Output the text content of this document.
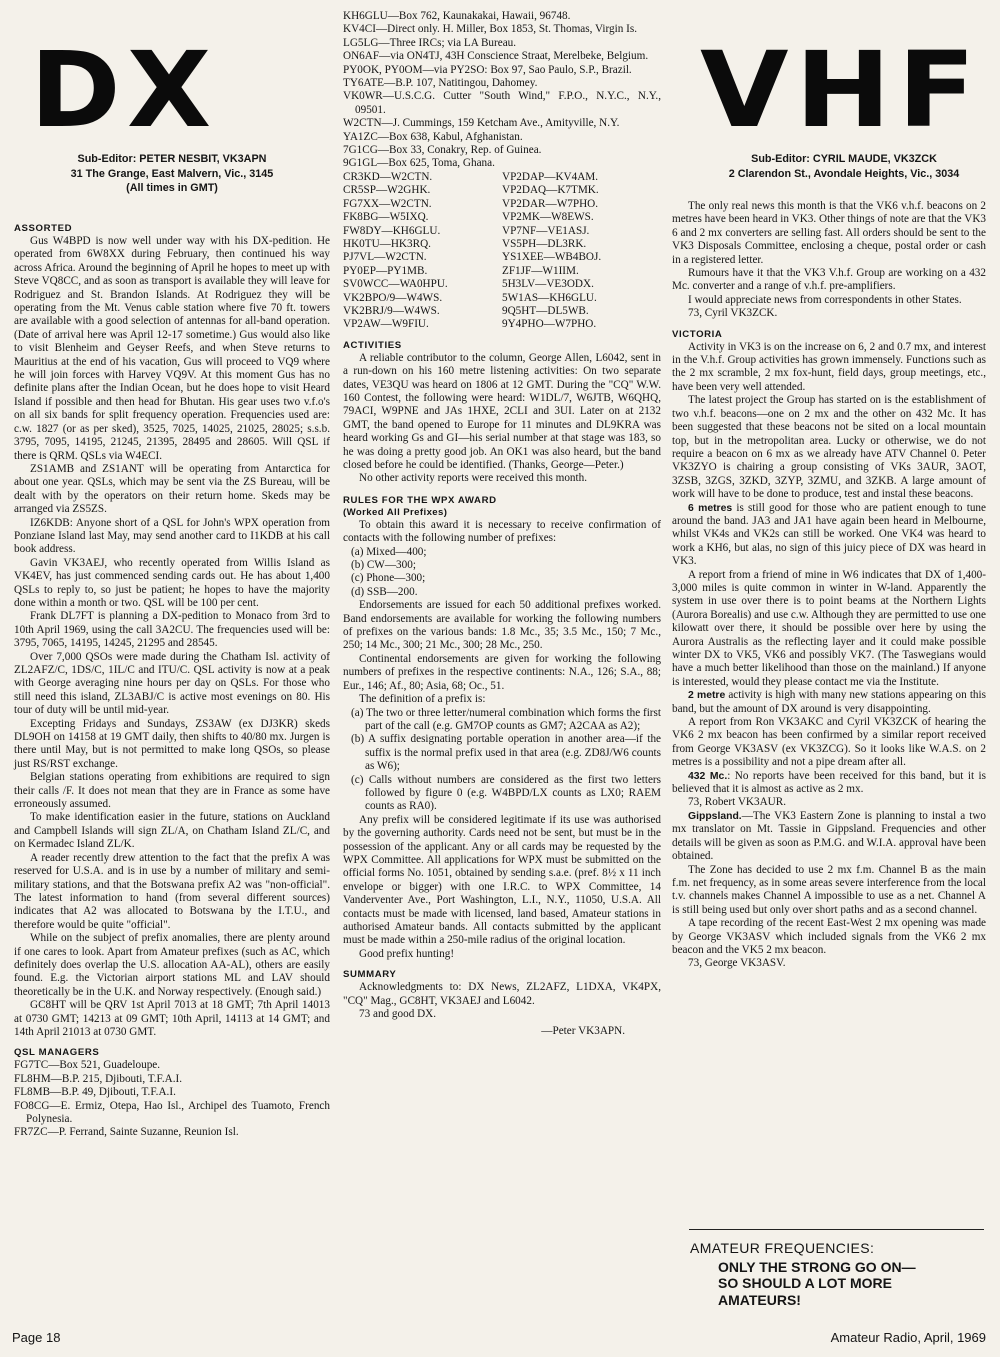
DX	VHF
Sub-Editor: PETER NESBIT, VK3APN
31 The Grange, East Malvern, Vic., 3145
(All times in GMT)
Sub-Editor: CYRIL MAUDE, VK3ZCK
2 Clarendon St., Avondale Heights, Vic., 3034
ASSORTED

Gus W4BPD is now well under way with his DX-pedition. He operated from 6W8XX during February, then continued his way across Africa. Around the beginning of April he hopes to meet up with Steve VQ8CC, and as soon as transport is available they will leave for Rodriguez and St. Brandon Islands. At Rodriguez they will be operating from the Mt. Venus cable station where five 70 ft. towers are available with a good selection of antennas for all-band operation. (Date of arrival here was April 12-17 sometime.) Gus would also like to visit Blenheim and Geyser Reefs, and when Steve returns to Mauritius at the end of his vacation, Gus will proceed to VQ9 where he will join forces with Harvey VQ9V. At this moment Gus has no definite plans after the Indian Ocean, but he does hope to visit Heard Island if possible and then head for Bhutan. His gear uses two v.f.o's on all six bands for split frequency operation. Frequencies used are: c.w. 1827 (or as per sked), 3525, 7025, 14025, 21025, 28025; s.s.b. 3795, 7095, 14195, 21245, 21395, 28495 and 28605. Will QSL if there is QRM. QSLs via W4ECI.

ZS1AMB and ZS1ANT will be operating from Antarctica for about one year. QSLs, which may be sent via the ZS Bureau, will be dealt with by the operators on their return home. Skeds may be arranged via ZS5ZS.

IZ6KDB: Anyone short of a QSL for John's WPX operation from Ponziane Island last May, may send another card to I1KDB at his call book address.

Gavin VK3AEJ, who recently operated from Willis Island as VK4EV, has just commenced sending cards out. He has about 1,400 QSLs to reply to, so just be patient; he hopes to have the majority done within a month or two. QSL will be 100 per cent.

Frank DL7FT is planning a DX-pedition to Monaco from 3rd to 10th April 1969, using the call 3A2CU. The frequencies used will be: 3795, 7065, 14195, 14245, 21295 and 28545.

Over 7,000 QSOs were made during the Chatham Isl. activity of ZL2AFZ/C, 1DS/C, 1IL/C and ITU/C. QSL activity is now at a peak with George averaging nine hours per day on QSLs. For those who still need this island, ZL3ABJ/C is active most evenings on 80. His tour of duty will be until mid-year.

Excepting Fridays and Sundays, ZS3AW (ex DJ3KR) skeds DL9OH on 14158 at 19 GMT daily, then shifts to 40/80 mx. Jurgen is there until May, but is not permitted to make long QSOs, so please just RS/RST exchange.

Belgian stations operating from exhibitions are required to sign their calls /F. It does not mean that they are in France as some have erroneously assumed.

To make identification easier in the future, stations on Auckland and Campbell Islands will sign ZL/A, on Chatham Island ZL/C, and on Kermadec Island ZL/K.

A reader recently drew attention to the fact that the prefix A was reserved for U.S.A. and is in use by a number of military and semi-military stations, and that the Botswana prefix A2 was "non-official". The latest information to hand (from several different sources) indicates that A2 was allocated to Botswana by the I.T.U., and therefore would be quite "official".

While on the subject of prefix anomalies, there are plenty around if one cares to look. Apart from Amateur prefixes (such as AC, which definitely does overlap the U.S. allocation AA-AL), others are easily found. E.g. the Victorian airport stations ML and LAV should theoretically be in the U.K. and Norway respectively. (Enough said.)

GC8HT will be QRV 1st April 7013 at 18 GMT; 7th April 14013 at 0730 GMT; 14213 at 09 GMT; 10th April, 14113 at 14 GMT; and 14th April 21013 at 0730 GMT.

QSL MANAGERS
FG7TC—Box 521, Guadeloupe.
FL8HM—B.P. 215, Djibouti, T.F.A.I.
FL8MB—B.P. 49, Djibouti, T.F.A.I.
FO8CG—E. Ermiz, Otepa, Hao Isl., Archipel des Tuamoto, French Polynesia.
FR7ZC—P. Ferrand, Sainte Suzanne, Reunion Isl.
KH6GLU—Box 762, Kaunakakai, Hawaii, 96748.
KV4CI—Direct only. H. Miller, Box 1853, St. Thomas, Virgin Is.
LG5LG—Three IRCs; via LA Bureau.
ON6AF—via ON4TJ, 43H Conscience Straat, Merelbeke, Belgium.
PY0OK, PY0OM—via PY2SO: Box 97, Sao Paulo, S.P., Brazil.
TY6ATE—B.P. 107, Natitingou, Dahomey.
VK0WR—U.S.C.G. Cutter "South Wind," F.P.O., N.Y.C., N.Y., 09501.
W2CTN—J. Cummings, 159 Ketcham Ave., Amityville, N.Y.
YA1ZC—Box 638, Kabul, Afghanistan.
7G1CG—Box 33, Conakry, Rep. of Guinea.
9G1GL—Box 625, Toma, Ghana.
CR3KD—W2CTN.	VP2DAP—KV4AM.
CR5SP—W2GHK.	VP2DAQ—K7TMK.
FG7XX—W2CTN.	VP2DAR—W7PHO.
FK8BG—W5IXQ.	VP2MK—W8EWS.
FW8DY—KH6GLU.	VP7NF—VE1ASJ.
HK0TU—HK3RQ.	VS5PH—DL3RK.
PJ7VL—W2CTN.	YS1XEE—WB4BOJ.
PY0EP—PY1MB.	ZF1JF—W1IIM.
SV0WCC—WA0HPU.	5H3LV—VE3ODX.
VK2BPO/9—W4WS.	5W1AS—KH6GLU.
VK2BRJ/9—W4WS.	9Q5HT—DL5WB.
VP2AW—W9FIU.	9Y4PHO—W7PHO.
ACTIVITIES

A reliable contributor to the column, George Allen, L6042, sent in a run-down on his 160 metre listening activities: On two separate dates, VE3QU was heard on 1806 at 12 GMT. During the "CQ" W.W. 160 Contest, the following were heard: W1DL/7, W6JTB, W6QHQ, 79ACI, W9PNE and JAs 1HXE, 2CLI and 3UI. Later on at 2132 GMT, the band opened to Europe for 11 minutes and DL9KRA was heard working Gs and GI—his serial number at that stage was 183, so he was doing a pretty good job. An OK1 was also heard, but the band closed before he could be identified. (Thanks, George—Peter.)

No other activity reports were received this month.

RULES FOR THE WPX AWARD
(Worked All Prefixes)

To obtain this award it is necessary to receive confirmation of contacts with the following number of prefixes:

(a) Mixed—400;
(b) CW—300;
(c) Phone—300;
(d) SSB—200.

Endorsements are issued for each 50 additional prefixes worked. Band endorsements are available for working the following numbers of prefixes on the various bands: 1.8 Mc., 35; 3.5 Mc., 150; 7 Mc., 250; 14 Mc., 300; 21 Mc., 300; 28 Mc., 250.

Continental endorsements are given for working the following numbers of prefixes in the respective continents: N.A., 126; S.A., 88; Eur., 146; Af., 80; Asia, 68; Oc., 51.

The definition of a prefix is:

(a) The two or three letter/numeral combination which forms the first part of the call (e.g. GM7OP counts as GM7; A2CAA as A2);
(b) A suffix designating portable operation in another area—if the suffix is the normal prefix used in that area (e.g. ZD8J/W6 counts as W6);
(c) Calls without numbers are considered as the first two letters followed by figure 0 (e.g. W4BPD/LX counts as LX0; RAEM counts as RA0).

Any prefix will be considered legitimate if its use was authorised by the governing authority. Cards need not be sent, but must be in the possession of the applicant. Any or all cards may be requested by the WPX Committee. All applications for WPX must be submitted on the official forms No. 1051, obtained by sending s.a.e. (pref. 8½ x 11 inch envelope or bigger) with one I.R.C. to WPX Committee, 14 Vanderventer Ave., Port Washington, L.I., N.Y., 11050, U.S.A. All contacts must be made with licensed, land based, Amateur stations in authorised Amateur bands. All contacts submitted by the applicant must be made within a 250-mile radius of the original location.

Good prefix hunting!

SUMMARY

Acknowledgments to: DX News, ZL2AFZ, L1DXA, VK4PX, "CQ" Mag., GC8HT, VK3AEJ and L6042.

73 and good DX.

—Peter VK3APN.

The only real news this month is that the VK6 v.h.f. beacons on 2 metres have been heard in VK3. Other things of note are that the VK3 6 and 2 mx converters are selling fast. All orders should be sent to the VK3 Disposals Committee, enclosing a cheque, postal order or cash in a registered letter.

Rumours have it that the VK3 V.h.f. Group are working on a 432 Mc. converter and a range of v.h.f. pre-amplifiers.

I would appreciate news from correspondents in other States.

73, Cyril VK3ZCK.

VICTORIA

Activity in VK3 is on the increase on 6, 2 and 0.7 mx, and interest in the V.h.f. Group activities has grown immensely. Functions such as the 2 mx scramble, 2 mx fox-hunt, field days, group meetings, etc., have been very well attended.

The latest project the Group has started on is the establishment of two v.h.f. beacons—one on 2 mx and the other on 432 Mc. It has been suggested that these beacons not be sited on a local mountain top, but in the metropolitan area. Lucky or otherwise, we do not require a beacon on 6 mx as we already have ATV Channel 0. Peter VK3ZYO is chairing a group consisting of VKs 3AUR, 3AOT, 3ZSB, 3ZGS, 3ZKD, 3ZYP, 3ZMU, and 3ZKB. A large amount of work will have to be done to produce, test and instal these beacons.

6 metres is still good for those who are patient enough to tune around the band. JA3 and JA1 have again been heard in Melbourne, whilst VK4s and VK2s can still be worked. One VK4 was heard to work a KH6, but alas, no sign of this juicy piece of DX was heard in VK3.

A report from a friend of mine in W6 indicates that DX of 1,400-3,000 miles is quite common in winter in W-land. Apparently the system in use over there is to point beams at the Northern Lights (Aurora Borealis) and use c.w. Although they are permitted to use one kilowatt over there, it should be possible over here by using the Aurora Australis as the reflecting layer and it could make possible winter DX to VK5, VK6 and possibly VK7. (The Taswegians would have a much better likelihood than those on the mainland.) If anyone is interested, would they please contact me via the Institute.

2 metre activity is high with many new stations appearing on this band, but the amount of DX around is very disappointing.

A report from Ron VK3AKC and Cyril VK3ZCK of hearing the VK6 2 mx beacon has been confirmed by a similar report received from George VK3ASV (ex VK3ZCG). So it looks like W.A.S. on 2 metres is a possibility and not a pipe dream after all.

432 Mc.: No reports have been received for this band, but it is believed that it is almost as active as 2 mx.

73, Robert VK3AUR.

Gippsland.—The VK3 Eastern Zone is planning to instal a two mx translator on Mt. Tassie in Gippsland. Frequencies and other details will be given as soon as P.M.G. and W.I.A. approval have been obtained.

The Zone has decided to use 2 mx f.m. Channel B as the main f.m. net frequency, as in some areas severe interference from the local t.v. channels makes Channel A impossible to use as a net. Channel A is still being used but only over short paths and as a second channel.

A tape recording of the recent East-West 2 mx opening was made by George VK3ASV which included signals from the VK6 2 mx beacon and the VK5 2 mx beacon.

73, George VK3ASV.

AMATEUR FREQUENCIES:
ONLY THE STRONG GO ON—
SO SHOULD A LOT MORE
AMATEURS!
Page 18	Amateur Radio, April, 1969
